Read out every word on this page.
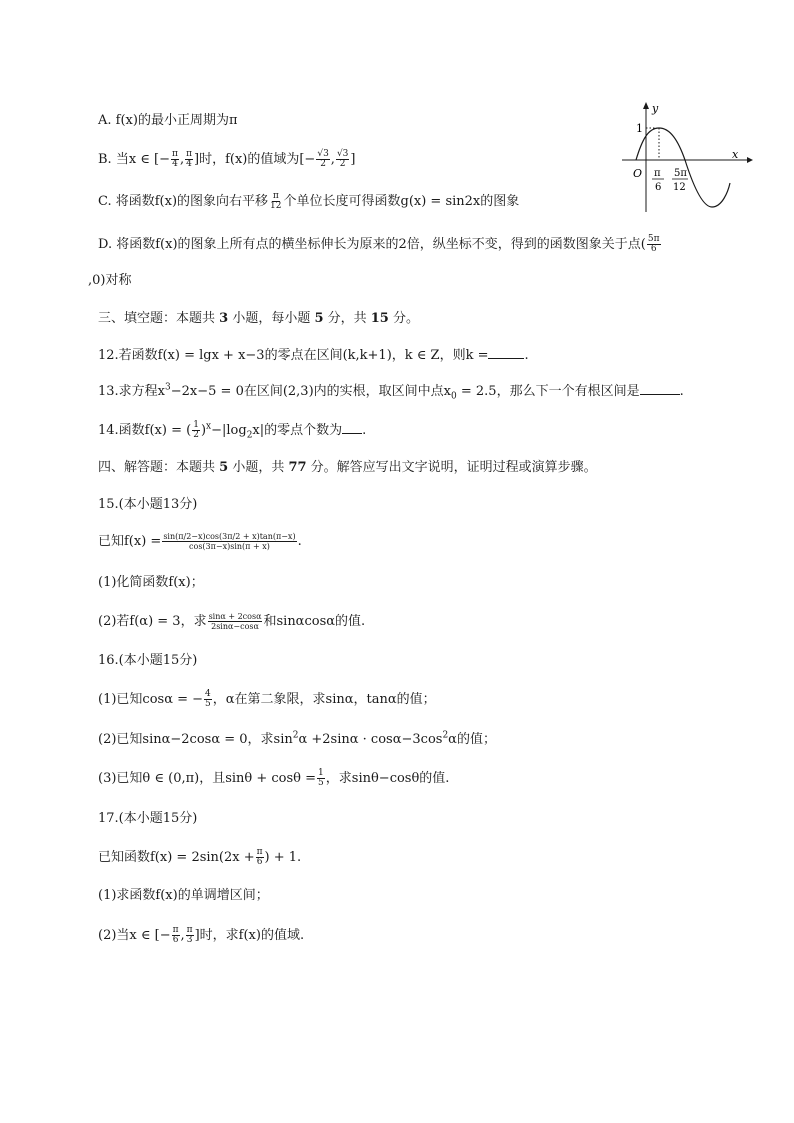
A. f(x)的最小正周期为π
B. 当x ∈ [− $\frac{\pi}{4}$ , $\frac{\pi}{4}$ ]时，f(x)的值域为[− $\frac{√3}{2}$ , $\frac{√3}{2}$ ]
C. 将函数f(x)的图象向右平移 $\frac{\pi}{12}$ 个单位长度可得函数g(x) = sin2x的图象
D. 将函数f(x)的图象上所有点的横坐标伸长为原来的2倍，纵坐标不变，得到的函数图象关于点( $\frac{5\pi}{6}$
,0)对称
y
x
O
1
π
6
5π
12
三、填空题：本题共 3 小题，每小题 5 分，共 15 分。
12.若函数f(x) = lgx + x−3的零点在区间(k,k+1)，k ∈ Z，则k =	.
13.求方程$x^3-2x-5 = 0$在区间(2,3)内的实根，取区间中点$x_0 = 2.5$，那么下一个有根区间是	.
14.函数f(x) = ( $\frac{1}{2} )^x-|\log_2x|$的零点个数为 .
四、解答题：本题共 5 小题，共 77 分。解答应写出文字说明，证明过程或演算步骤。
15.(本小题13分)
已知$f(x) = \frac{\sin(\pi/2-x)\cos(3\pi/2 + x)\tan(\pi-x)}{\cos(3\pi-x)\sin(\pi + x)}$ .
(1)化简函数f(x)；
(2)若f(α) = 3，求 $\frac{\sin\alpha + 2\cos\alpha}{2\sin\alpha-\cos\alpha}$ 和sinαcosα的值.
16.(本小题15分)
(1)已知cosα = − $\frac{4}{5}$ ，α在第二象限，求sinα，tanα的值；
(2)已知sinα−2cosα = 0，求$\sin^2\alpha +2\sin\alpha \cdot \cos\alpha-3\cos^2\alpha$的值；
(3)已知θ ∈ (0,π)，且$\sin\theta + \cos\theta = \frac{1}{5}$ ，求sinθ−cosθ的值.
17.(本小题15分)
已知函数$f(x) = 2\sin(2x + \frac{\pi}{6}$ ) + 1.
(1)求函数f(x)的单调增区间；
(2)当x ∈ [− $\frac{\pi}{6}$ , $\frac{\pi}{3}$ ]时，求f(x)的值域.
